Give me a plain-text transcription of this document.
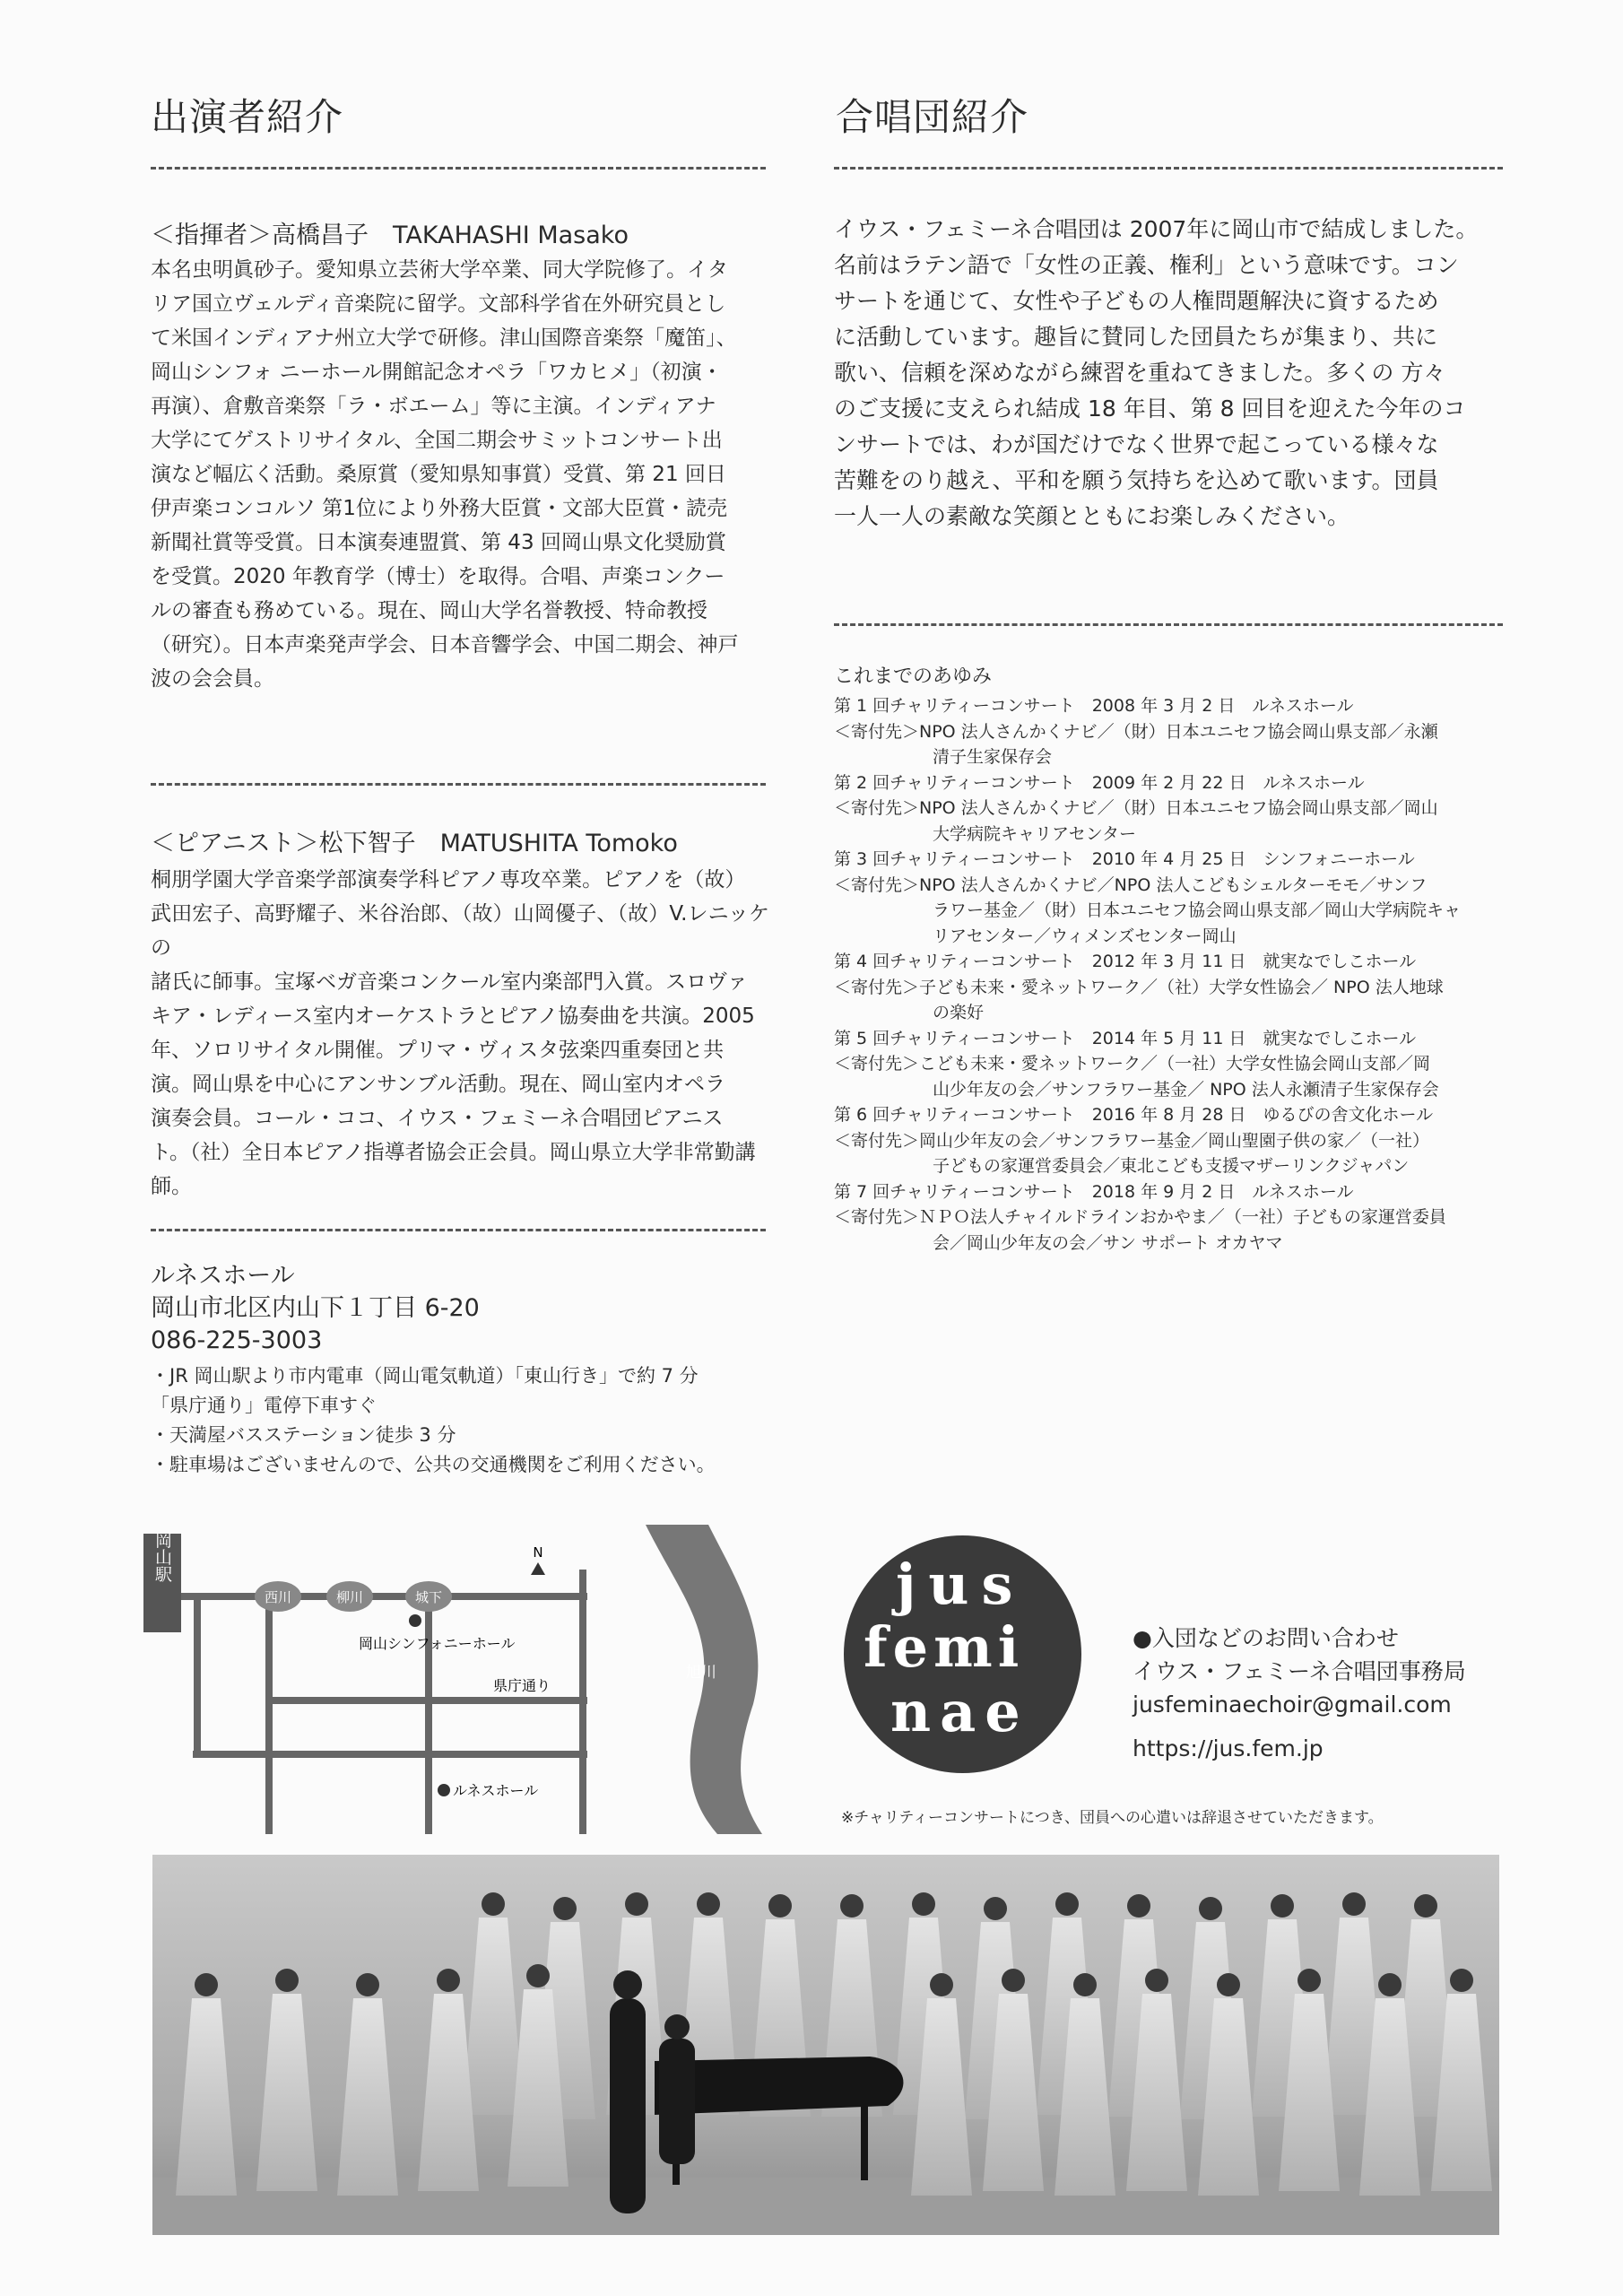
出演者紹介
＜指揮者＞高橋昌子　TAKAHASHI Masako
本名虫明眞砂子。愛知県立芸術大学卒業、同大学院修了。イタ
リア国立ヴェルディ音楽院に留学。文部科学省在外研究員とし
て米国インディアナ州立大学で研修。津山国際音楽祭「魔笛」、
岡山シンフォ ニーホール開館記念オペラ「ワカヒメ」（初演・
再演）、倉敷音楽祭「ラ・ボエーム」等に主演。インディアナ
大学にてゲストリサイタル、全国二期会サミットコンサート出
演など幅広く活動。桑原賞（愛知県知事賞）受賞、第 21 回日
伊声楽コンコルソ 第1位により外務大臣賞・文部大臣賞・読売
新聞社賞等受賞。日本演奏連盟賞、第 43 回岡山県文化奨励賞
を受賞。2020 年教育学（博士）を取得。合唱、声楽コンクー
ルの審査も務めている。現在、岡山大学名誉教授、特命教授
（研究）。日本声楽発声学会、日本音響学会、中国二期会、神戸
波の会会員。
＜ピアニスト＞松下智子　MATUSHITA Tomoko
桐朋学園大学音楽学部演奏学科ピアノ専攻卒業。ピアノを（故）
武田宏子、高野耀子、米谷治郎、（故）山岡優子、（故）V.レニッケの
諸氏に師事。宝塚ベガ音楽コンクール室内楽部門入賞。スロヴァ
キア・レディース室内オーケストラとピアノ協奏曲を共演。2005
年、ソロリサイタル開催。プリマ・ヴィスタ弦楽四重奏団と共
演。岡山県を中心にアンサンブル活動。現在、岡山室内オペラ
演奏会員。コール・ココ、イウス・フェミーネ合唱団ピアニス
ト。（社）全日本ピアノ指導者協会正会員。岡山県立大学非常勤講
師。
ルネスホール
岡山市北区内山下１丁目 6-20
086-225-3003
・JR 岡山駅より市内電車（岡山電気軌道）「東山行き」で約 7 分
「県庁通り」電停下車すぐ
・天満屋バスステーション徒歩 3 分
・駐車場はございませんので、公共の交通機関をご利用ください。
岡山駅
旭川
西川	柳川	城下
N
岡山シンフォニーホール
県庁通り
ルネスホール
合唱団紹介
イウス・フェミーネ合唱団は 2007年に岡山市で結成しました。
名前はラテン語で「女性の正義、権利」という意味です。コン
サートを通じて、女性や子どもの人権問題解決に資するため
に活動しています。趣旨に賛同した団員たちが集まり、共に
歌い、信頼を深めながら練習を重ねてきました。多くの 方々
のご支援に支えられ結成 18 年目、第 8 回目を迎えた今年のコ
ンサートでは、わが国だけでなく世界で起こっている様々な
苦難をのり越え、平和を願う気持ちを込めて歌います。団員
一人一人の素敵な笑顔とともにお楽しみください。
これまでのあゆみ
第 1 回チャリティーコンサート　2008 年 3 月 2 日　ルネスホール
＜寄付先＞NPO 法人さんかくナビ／（財）日本ユニセフ協会岡山県支部／永瀬
清子生家保存会
第 2 回チャリティーコンサート　2009 年 2 月 22 日　ルネスホール
＜寄付先＞NPO 法人さんかくナビ／（財）日本ユニセフ協会岡山県支部／岡山
大学病院キャリアセンター
第 3 回チャリティーコンサート　2010 年 4 月 25 日　シンフォニーホール
＜寄付先＞NPO 法人さんかくナビ／NPO 法人こどもシェルターモモ／サンフ
ラワー基金／（財）日本ユニセフ協会岡山県支部／岡山大学病院キャ
リアセンター／ウィメンズセンター岡山
第 4 回チャリティーコンサート　2012 年 3 月 11 日　就実なでしこホール
＜寄付先＞子ども未来・愛ネットワーク／（社）大学女性協会／ NPO 法人地球
の楽好
第 5 回チャリティーコンサート　2014 年 5 月 11 日　就実なでしこホール
＜寄付先＞こども未来・愛ネットワーク／（一社）大学女性協会岡山支部／岡
山少年友の会／サンフラワー基金／ NPO 法人永瀬清子生家保存会
第 6 回チャリティーコンサート　2016 年 8 月 28 日　ゆるびの舎文化ホール
＜寄付先＞岡山少年友の会／サンフラワー基金／岡山聖園子供の家／（一社）
子どもの家運営委員会／東北こども支援マザーリンクジャパン
第 7 回チャリティーコンサート　2018 年 9 月 2 日　ルネスホール
＜寄付先＞ＮＰＯ法人チャイルドラインおかやま／（一社）子どもの家運営委員
会／岡山少年友の会／サン サポート オカヤマ
jus
femi
nae
●入団などのお問い合わせ
イウス・フェミーネ合唱団事務局
jusfeminaechoir@gmail.com
https://jus.fem.jp
※チャリティーコンサートにつき、団員への心遣いは辞退させていただきます。
